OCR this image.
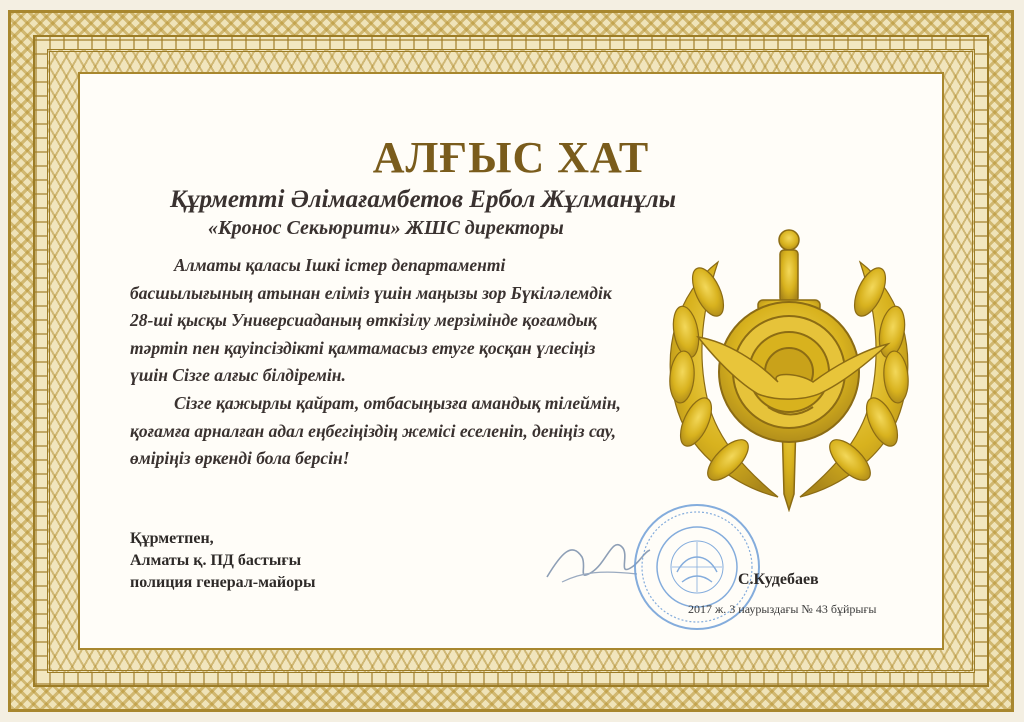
АЛҒЫС ХАТ
Құрметті Әлімағамбетов Ербол Жұлманұлы
«Кронос Секьюрити» ЖШС директоры

Алматы қаласы Ішкі істер департаменті басшылығының атынан еліміз үшін маңызы зор Бүкіләлемдік 28-ші қысқы Универсиаданың өткізілу мерзімінде қоғамдық тәртіп пен қауіпсіздікті қамтамасыз етуге қосқан үлесіңіз үшін Сізге алғыс білдіремін.

Сізге қажырлы қайрат, отбасыңызға амандық тілеймін, қоғамға арналған адал еңбегіңіздің жемісі еселеніп, деніңіз сау, өміріңіз өркенді бола берсін!

Құрметпен,
Алматы қ. ПД бастығы
полиция генерал-майоры	С.Кудебаев
2017 ж. 3 наурыздағы № 43 бұйрығы
